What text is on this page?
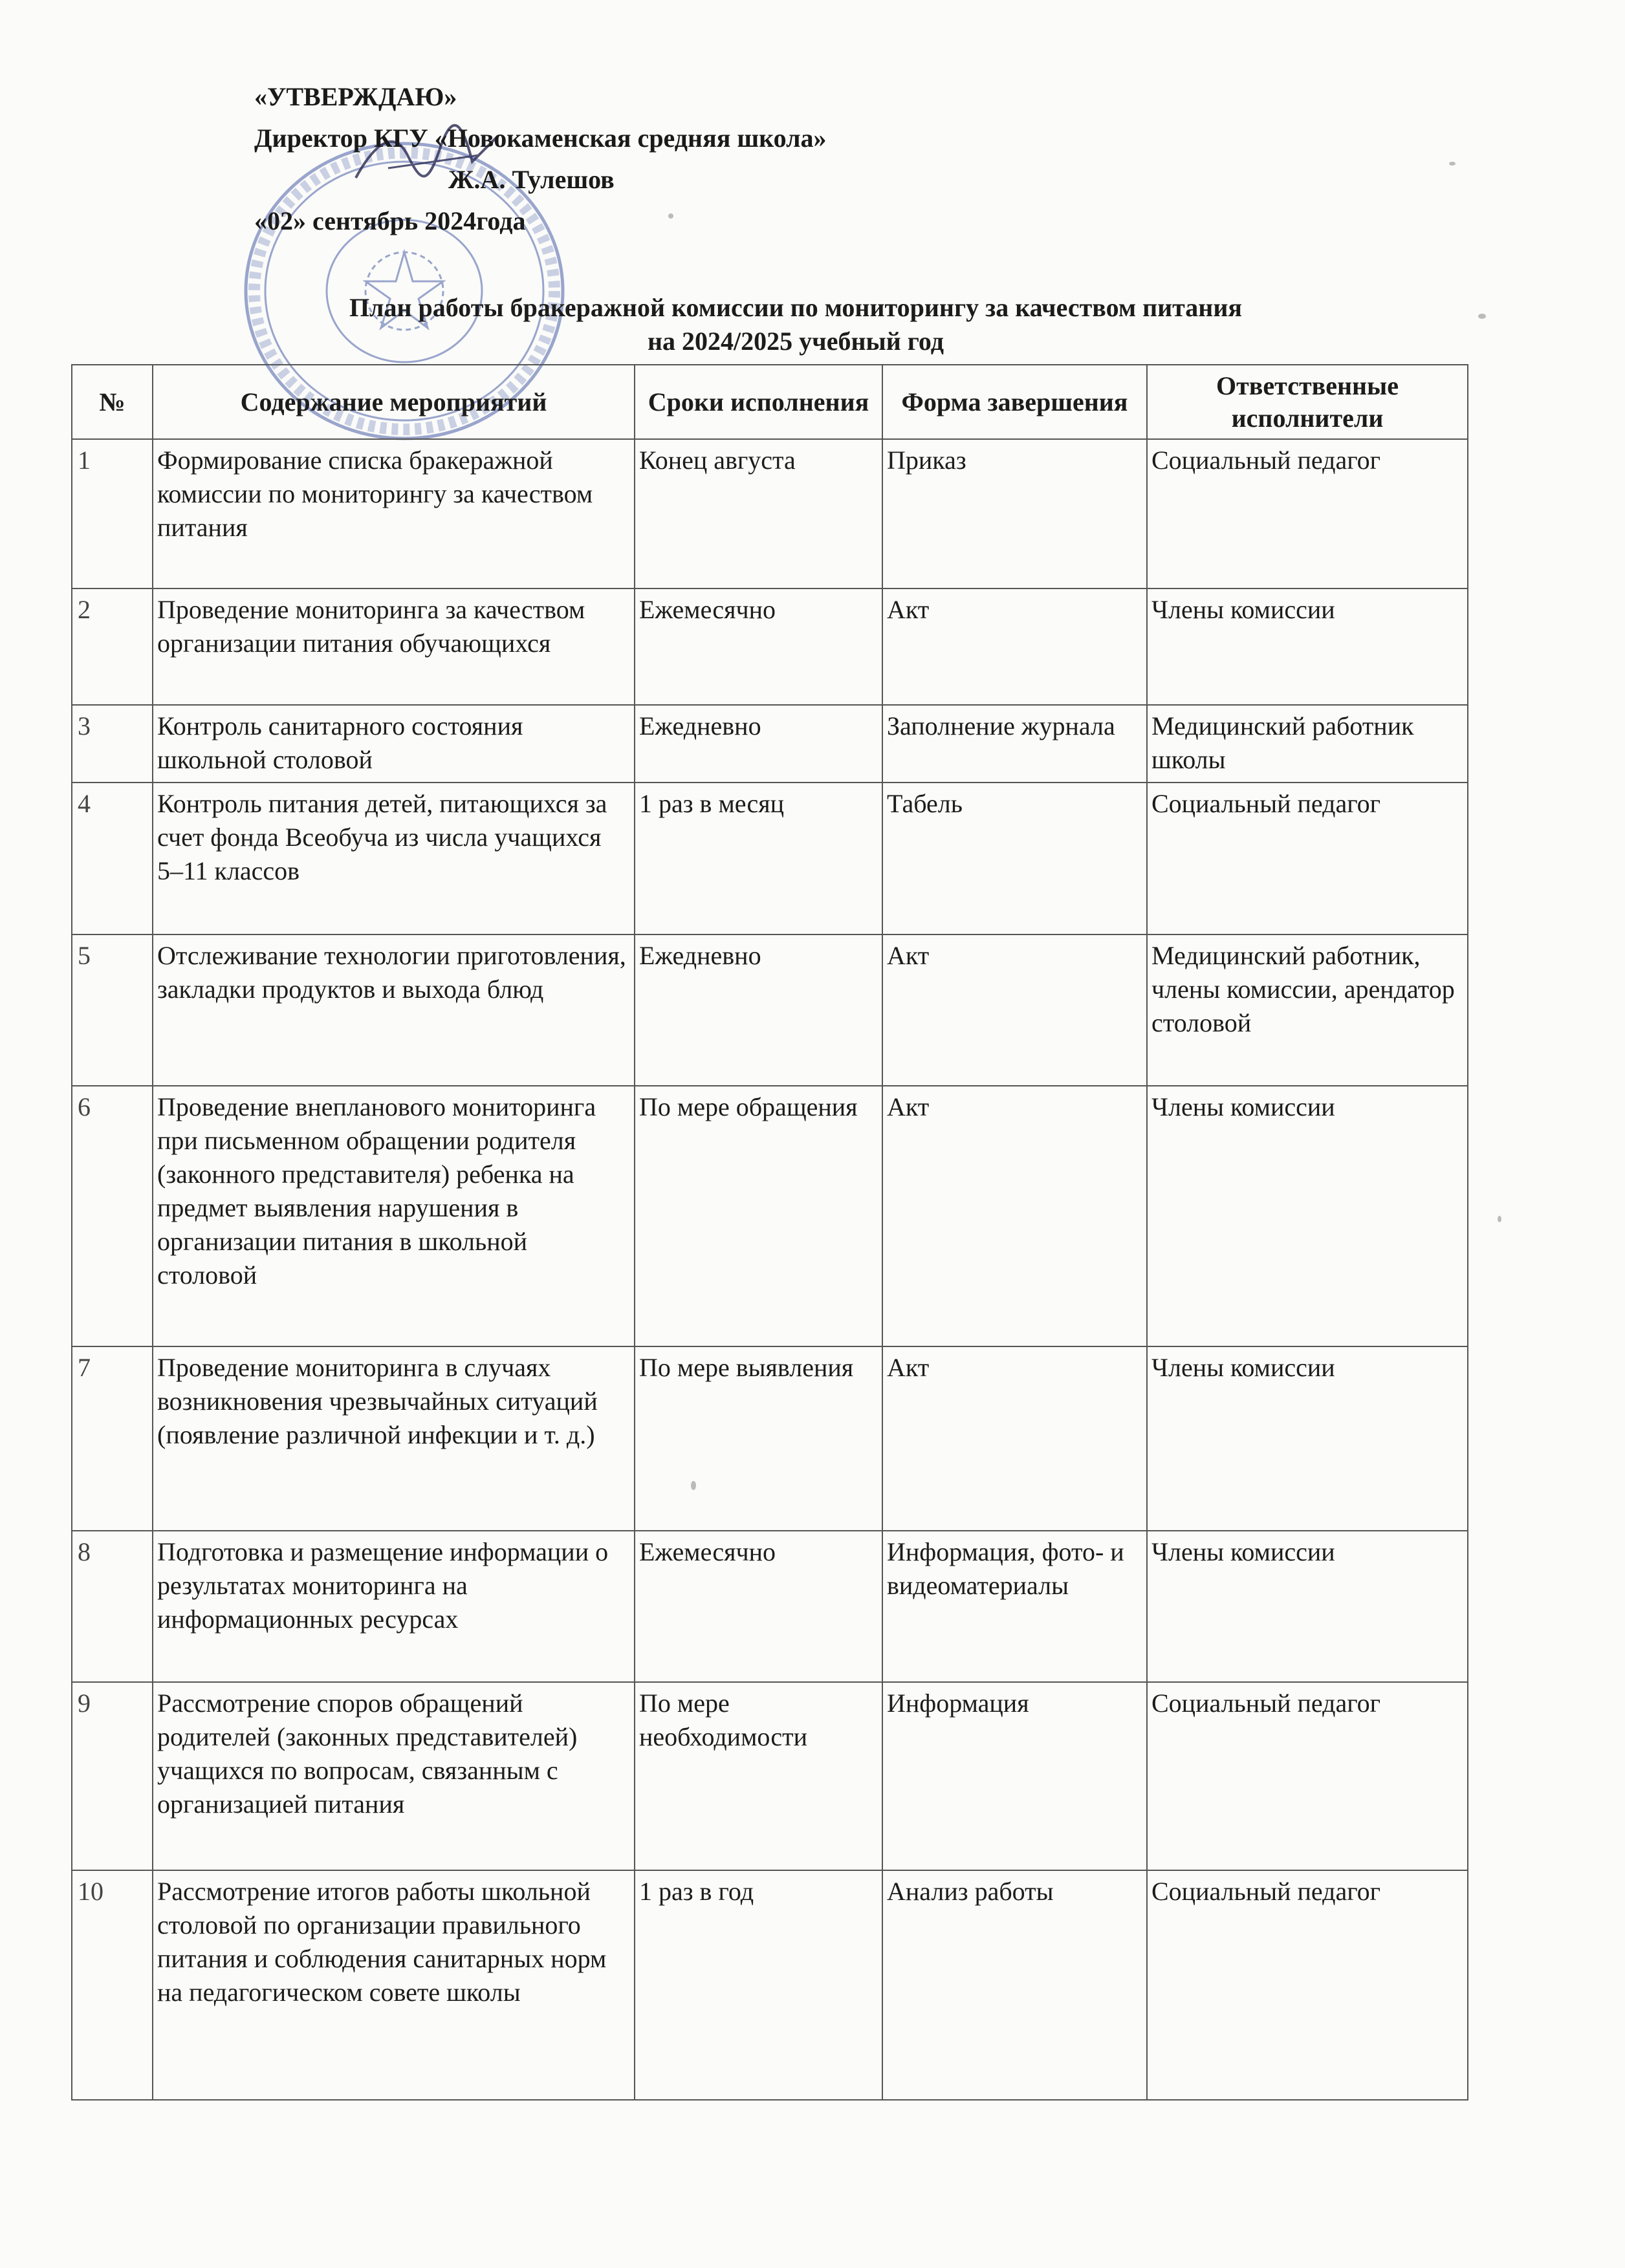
«УТВЕРЖДАЮ»
Директор КГУ «Новокаменская средняя школа»
Ж.А. Тулешов
«02» сентябрь 2024года
План работы бракеражной комиссии по мониторингу за качеством питания
на 2024/2025 учебный год
№	Содержание мероприятий	Сроки исполнения	Форма завершения	Ответственные исполнители
1	Формирование списка бракеражной комиссии по мониторингу за качеством питания	Конец августа	Приказ	Социальный педагог
2	Проведение мониторинга за качеством организации питания обучающихся	Ежемесячно	Акт	Члены комиссии
3	Контроль санитарного состояния школьной столовой	Ежедневно	Заполнение журнала	Медицинский работник школы
4	Контроль питания детей, питающихся за счет фонда Всеобуча из числа учащихся 5–11 классов	1 раз в месяц	Табель	Социальный педагог
5	Отслеживание технологии приготовления, закладки продуктов и выхода блюд	Ежедневно	Акт	Медицинский работник, члены комиссии, арендатор столовой
6	Проведение внепланового мониторинга при письменном обращении родителя (законного представителя) ребенка на предмет выявления нарушения в организации питания в школьной столовой	По мере обращения	Акт	Члены комиссии
7	Проведение мониторинга в случаях возникновения чрезвычайных ситуаций (появление различной инфекции и т. д.)	По мере выявления	Акт	Члены комиссии
8	Подготовка и размещение информации о результатах мониторинга на информационных ресурсах	Ежемесячно	Информация, фото- и видеоматериалы	Члены комиссии
9	Рассмотрение споров обращений родителей (законных представителей) учащихся по вопросам, связанным с организацией питания	По мере необходимости	Информация	Социальный педагог
10	Рассмотрение итогов работы школьной столовой по организации правильного питания и соблюдения санитарных норм на педагогическом совете школы	1 раз в год	Анализ работы	Социальный педагог
